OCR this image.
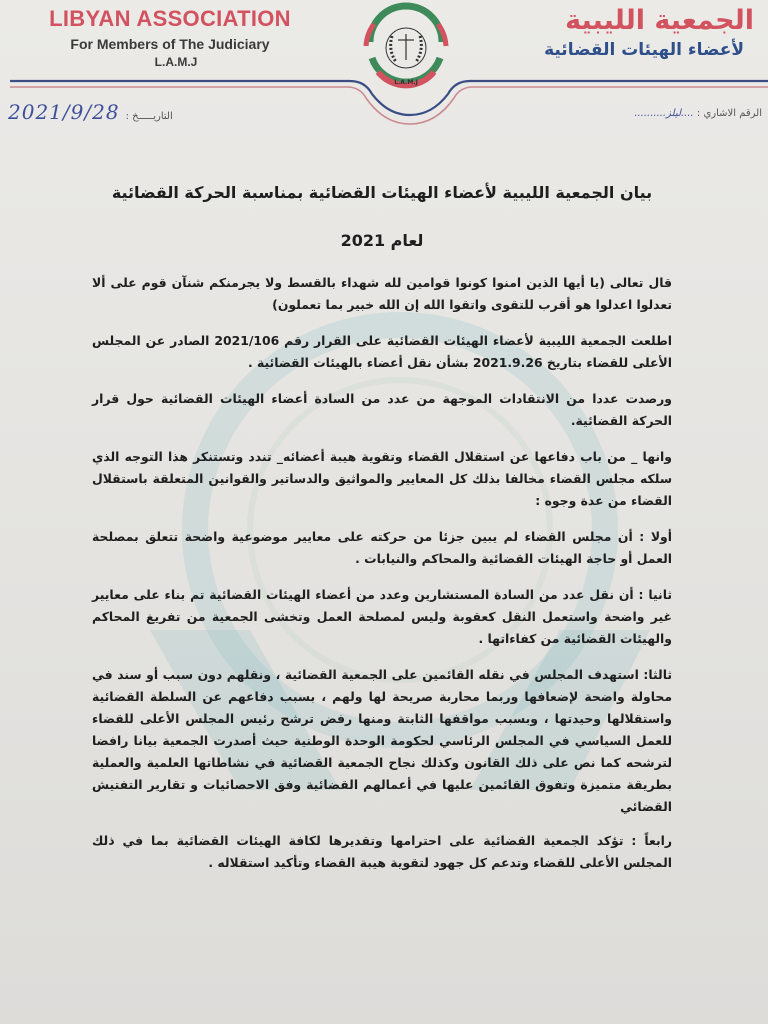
LIBYAN ASSOCIATION
For Members of The Judiciary
L.A.M.J
L.A.M.J
الجمعية الليبية
لأعضاء الهيئات القضائية
2021/9/28 التاريـــــخ :	الرقم الاشاري : ....ليلز..........
بيان الجمعية الليبية لأعضاء الهيئات القضائية بمناسبة الحركة القضائية
لعام 2021

قال تعالى (يا أيها الذين امنوا كونوا قوامين لله شهداء بالقسط ولا يجرمنكم شنآن قوم على ألا تعدلوا اعدلوا هو أقرب للتقوى واتقوا الله إن الله خبير بما تعملون)

اطلعت الجمعية الليبية لأعضاء الهيئات القضائية على القرار رقم 2021/106 الصادر عن المجلس الأعلى للقضاء بتاريخ 2021.9.26 بشأن نقل أعضاء بالهيئات القضائية .

ورصدت عددا من الانتقادات الموجهة من عدد من السادة أعضاء الهيئات القضائية حول قرار الحركة القضائية.

وانها _ من باب دفاعها عن استقلال القضاء وتقوية هيبة أعضائه_ تندد وتستنكر هذا التوجه الذي سلكه مجلس القضاء مخالفا بذلك كل المعايير والمواثيق والدساتير والقوانين المتعلقة باستقلال القضاء من عدة وجوه :

أولا : أن مجلس القضاء لم يبين جزئا من حركته على معايير موضوعية واضحة تتعلق بمصلحة العمل أو حاجة الهيئات القضائية والمحاكم والنيابات .

ثانيا : أن نقل عدد من السادة المستشارين وعدد من أعضاء الهيئات القضائية تم بناء على معايير غير واضحة واستعمل النقل كعقوبة وليس لمصلحة العمل وتخشى الجمعية من تفريغ المحاكم والهيئات القضائية من كفاءاتها .

ثالثا: استهدف المجلس في نقله القائمين على الجمعية القضائية ، ونقلهم دون سبب أو سند في محاولة واضحة لإضعافها وربما محاربة صريحة لها ولهم ، بسبب دفاعهم عن السلطة القضائية واستقلالها وحيدتها ، وبسبب مواقفها الثابتة ومنها رفض ترشح رئيس المجلس الأعلى للقضاء للعمل السياسي في المجلس الرئاسي لحكومة الوحدة الوطنية حيث أصدرت الجمعية بيانا رافضا لترشحه كما نص على ذلك القانون وكذلك نجاح الجمعية القضائية في نشاطاتها العلمية والعملية بطريقة متميزة وتفوق القائمين عليها في أعمالهم القضائية وفق الاحصائيات و تقارير التفتيش القضائي

رابعاً : تؤكد الجمعية القضائية على احترامها وتقديرها لكافة الهيئات القضائية بما في ذلك المجلس الأعلى للقضاء وتدعم كل جهود لتقوية هيبة القضاء وتأكيد استقلاله .
